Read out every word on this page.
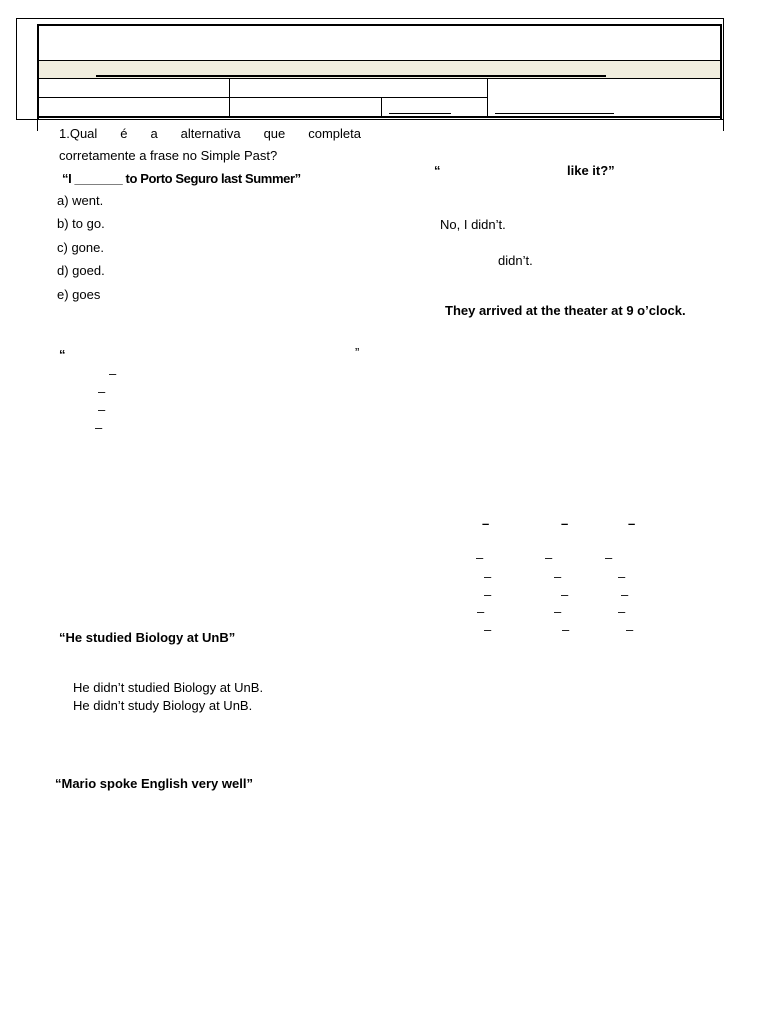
1.Qual é a alternativa que completa
corretamente a frase no Simple Past?
“I _______ to Porto Seguro last Summer”
a) went.
b) to go.
c) gone.
d) goed.
e) goes
“	”
–
–
–
–
“He studied Biology at UnB”
He didn’t studied Biology at UnB.
He didn’t study Biology at UnB.
“Mario spoke English very well”
“	like it?”
No, I didn’t.
didn’t.
They arrived at the theater at 9 o’clock.
–	–	–
–	–	–
–	–	–
–	–	–
–	–	–
–	–	–
